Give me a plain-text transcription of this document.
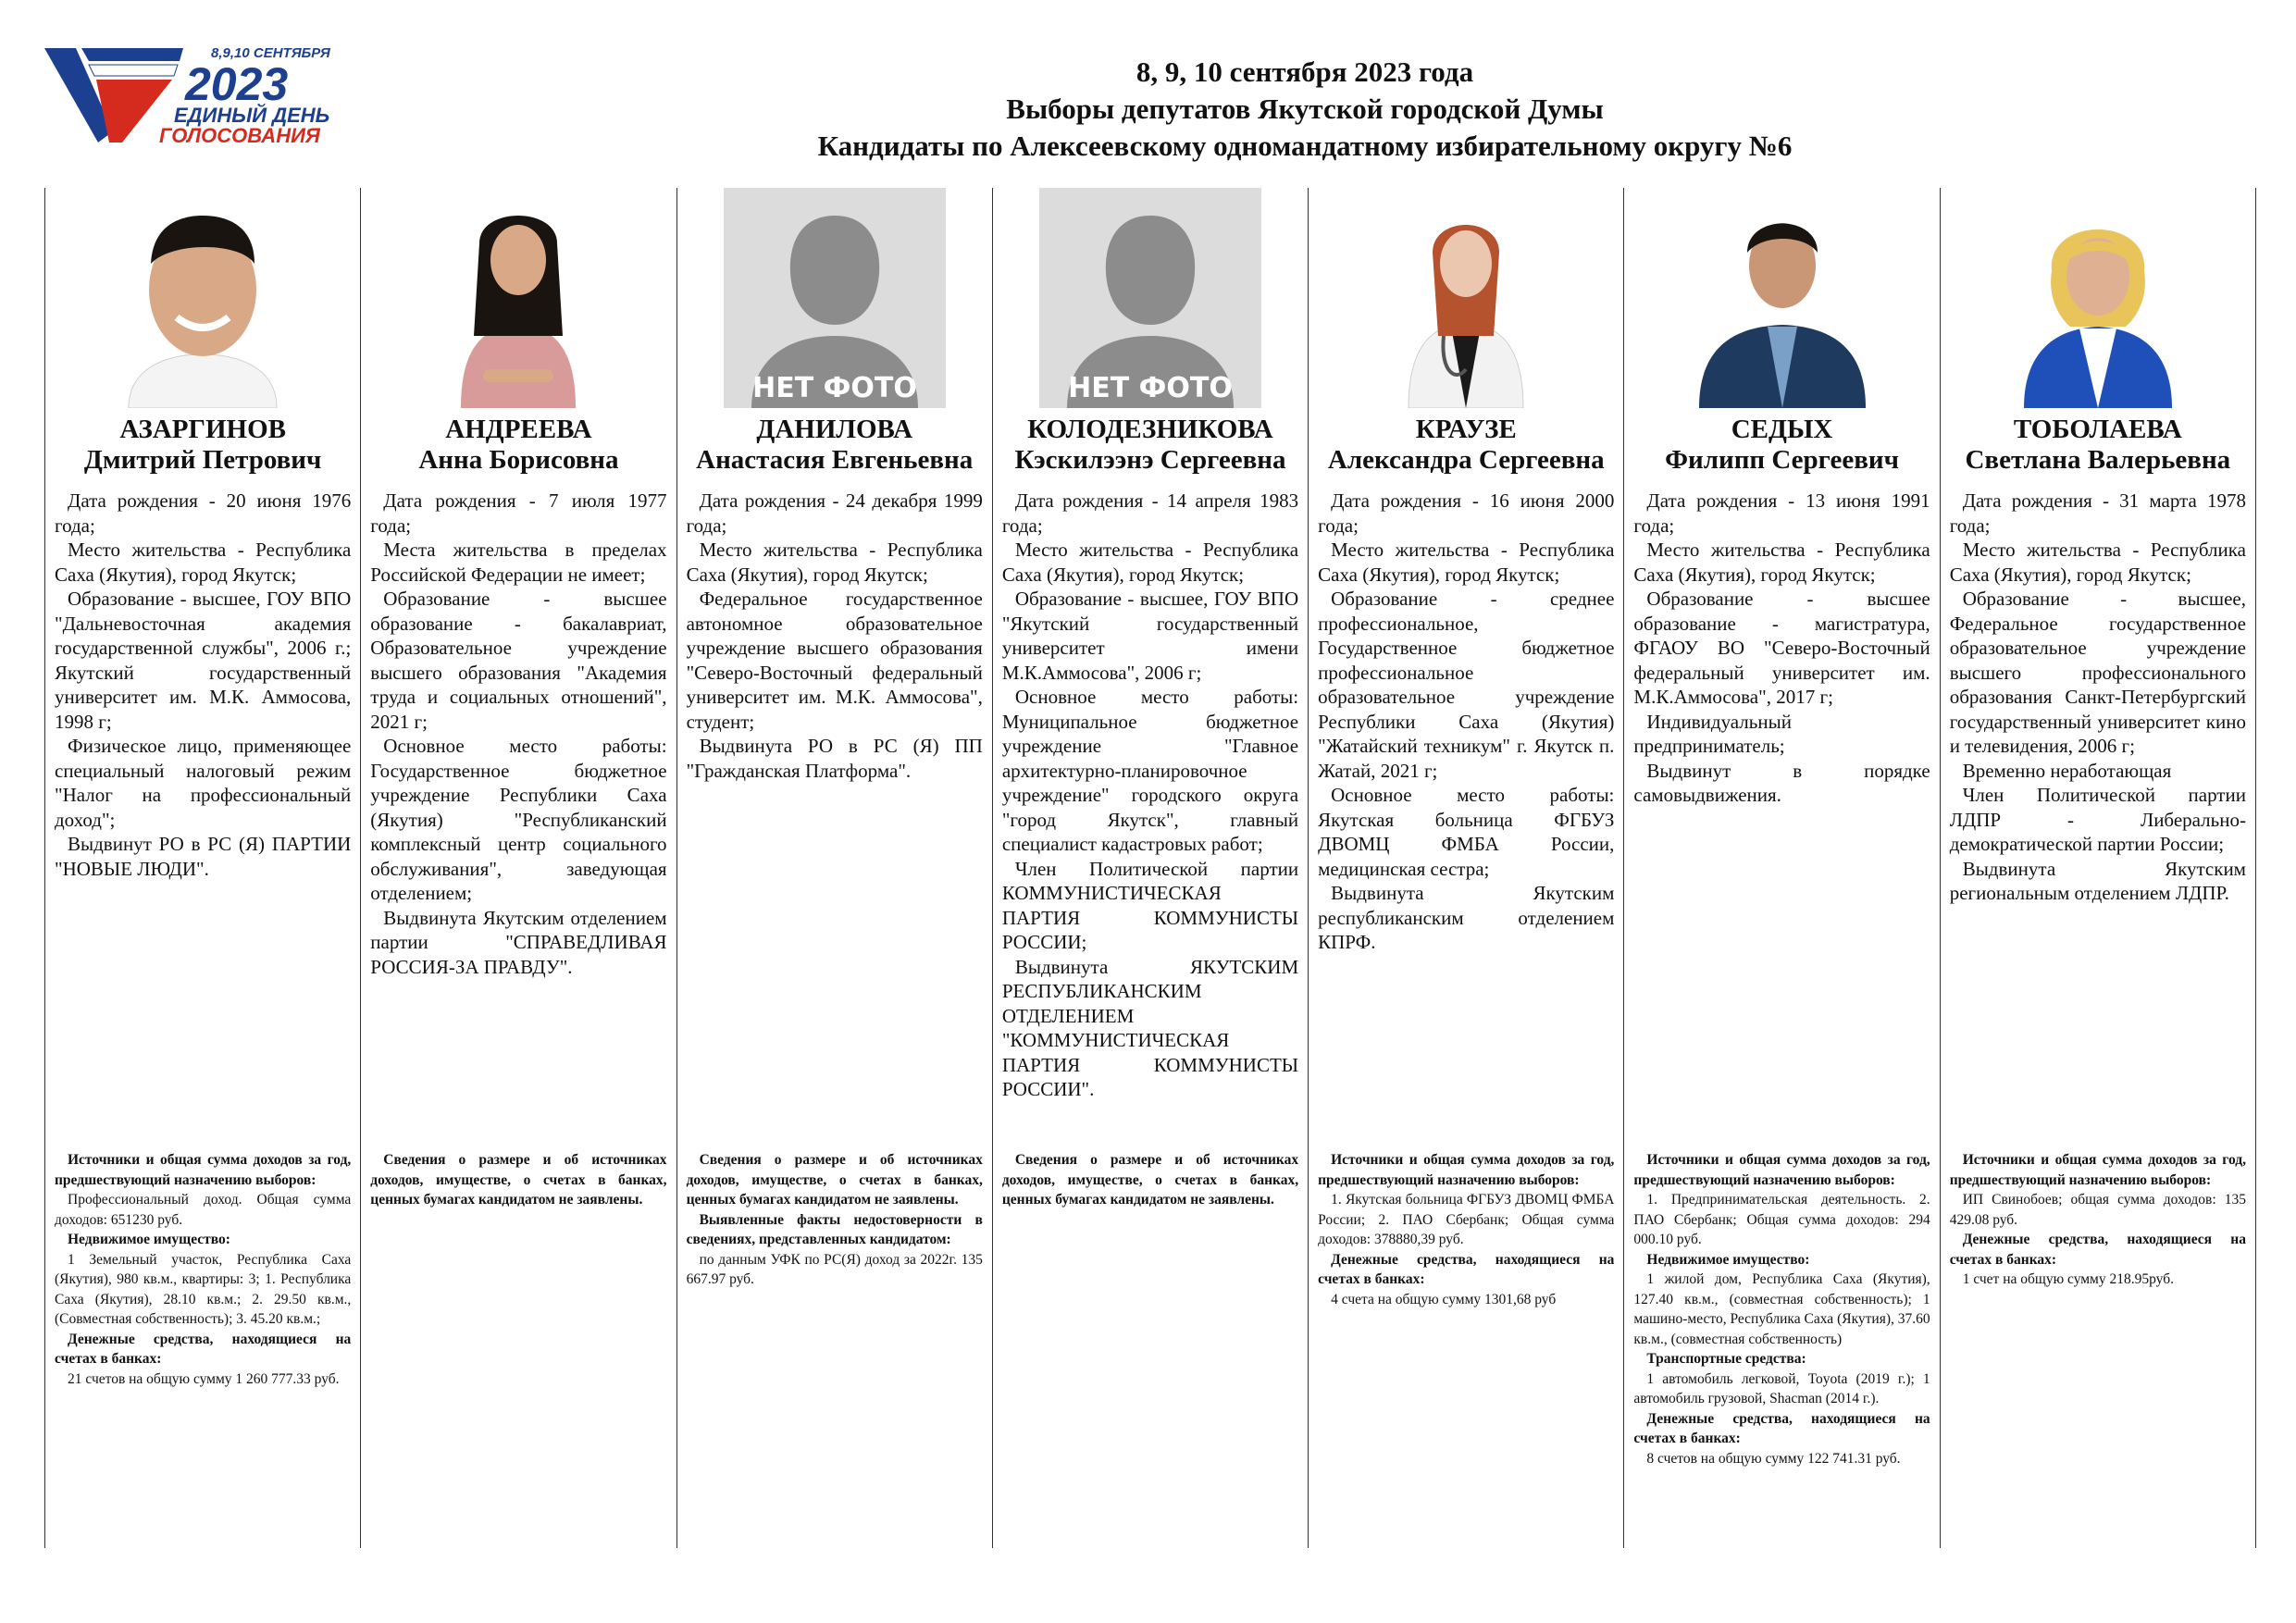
8,9,10 СЕНТЯБРЯ
2023
ЕДИНЫЙ ДЕНЬ
ГОЛОСОВАНИЯ
8, 9, 10 сентября 2023 года
Выборы депутатов Якутской городской Думы
Кандидаты по Алексеевскому одномандатному избирательному округу №6
АЗАРГИНОВ
Дмитрий Петрович

Дата рождения - 20 июня 1976 года;

Место жительства - Республика Саха (Якутия), город Якутск;

Образование - высшее, ГОУ ВПО "Дальневосточная академия государственной службы", 2006 г.; Якутский государственный университет им. М.К. Аммосова, 1998 г;

Физическое лицо, применяющее специальный налоговый режим "Налог на профессиональный доход";

Выдвинут РО в РС (Я) ПАРТИИ "НОВЫЕ ЛЮДИ".

Источники и общая сумма доходов за год, предшествующий назначению выборов:
Профессиональный доход. Общая сумма доходов: 651230 руб.
Недвижимое имущество:
1 Земельный участок, Республика Саха (Якутия), 980 кв.м., квартиры: 3; 1. Республика Саха (Якутия), 28.10 кв.м.; 2. 29.50 кв.м., (Совместная собственность); 3. 45.20 кв.м.;
Денежные средства, находящиеся на счетах в банках:
21 счетов на общую сумму 1 260 777.33 руб.
АНДРЕЕВА
Анна Борисовна

Дата рождения - 7 июля 1977 года;

Места жительства в пределах Российской Федерации не имеет;

Образование - высшее образование - бакалавриат, Образовательное учреждение высшего образования "Академия труда и социальных отношений", 2021 г;

Основное место работы: Государственное бюджетное учреждение Республики Саха (Якутия) "Республиканский комплексный центр социального обслуживания", заведующая отделением;

Выдвинута Якутским отделением партии "СПРАВЕДЛИВАЯ РОССИЯ-ЗА ПРАВДУ".

Сведения о размере и об источниках доходов, имуществе, о счетах в банках, ценных бумагах кандидатом не заявлены.
НЕТ ФОТО
ДАНИЛОВА
Анастасия Евгеньевна

Дата рождения - 24 декабря 1999 года;

Место жительства - Республика Саха (Якутия), город Якутск;

Федеральное государственное автономное образовательное учреждение высшего образования "Северо-Восточный федеральный университет им. М.К. Аммосова", студент;

Выдвинута РО в РС (Я) ПП "Гражданская Платформа".

Сведения о размере и об источниках доходов, имуществе, о счетах в банках, ценных бумагах кандидатом не заявлены.
Выявленные факты недостоверности в сведениях, представленных кандидатом:
по данным УФК по РС(Я) доход за 2022г. 135 667.97 руб.
НЕТ ФОТО
КОЛОДЕЗНИКОВА
Кэскилээнэ Сергеевна

Дата рождения - 14 апреля 1983 года;

Место жительства - Республика Саха (Якутия), город Якутск;

Образование - высшее, ГОУ ВПО "Якутский государственный университет имени М.К.Аммосова", 2006 г;

Основное место работы: Муниципальное бюджетное учреждение "Главное архитектурно-планировочное учреждение" городского округа "город Якутск", главный специалист кадастровых работ;

Член Политической партии КОММУНИСТИЧЕСКАЯ ПАРТИЯ КОММУНИСТЫ РОССИИ;

Выдвинута ЯКУТСКИМ РЕСПУБЛИКАНСКИМ ОТДЕЛЕНИЕМ "КОММУНИСТИЧЕСКАЯ ПАРТИЯ КОММУНИСТЫ РОССИИ".

Сведения о размере и об источниках доходов, имуществе, о счетах в банках, ценных бумагах кандидатом не заявлены.
КРАУЗЕ
Александра Сергеевна

Дата рождения - 16 июня 2000 года;

Место жительства - Республика Саха (Якутия), город Якутск;

Образование - среднее профессиональное, Государственное бюджетное профессиональное образовательное учреждение Республики Саха (Якутия) "Жатайский техникум" г. Якутск п. Жатай, 2021 г;

Основное место работы: Якутская больница ФГБУЗ ДВОМЦ ФМБА России, медицинская сестра;

Выдвинута Якутским республиканским отделением КПРФ.

Источники и общая сумма доходов за год, предшествующий назначению выборов:
1. Якутская больница ФГБУЗ ДВОМЦ ФМБА России; 2. ПАО Сбербанк; Общая сумма доходов: 378880,39 руб.
Денежные средства, находящиеся на счетах в банках:
4 счета на общую сумму 1301,68 руб
СЕДЫХ
Филипп Сергеевич

Дата рождения - 13 июня 1991 года;

Место жительства - Республика Саха (Якутия), город Якутск;

Образование - высшее образование - магистратура, ФГАОУ ВО "Северо-Восточный федеральный университет им. М.К.Аммосова", 2017 г;

Индивидуальный предприниматель;

Выдвинут в порядке самовыдвижения.

Источники и общая сумма доходов за год, предшествующий назначению выборов:
1. Предпринимательская деятельность. 2. ПАО Сбербанк; Общая сумма доходов: 294 000.10 руб.
Недвижимое имущество:
1 жилой дом, Республика Саха (Якутия), 127.40 кв.м., (совместная собственность); 1 машино-место, Республика Саха (Якутия), 37.60 кв.м., (совместная собственность)
Транспортные средства:
1 автомобиль легковой, Toyota (2019 г.); 1 автомобиль грузовой, Shacman (2014 г.).
Денежные средства, находящиеся на счетах в банках:
8 счетов на общую сумму 122 741.31 руб.
ТОБОЛАЕВА
Светлана Валерьевна

Дата рождения - 31 марта 1978 года;

Место жительства - Республика Саха (Якутия), город Якутск;

Образование - высшее, Федеральное государственное образовательное учреждение высшего профессионального образования Санкт-Петербургский государственный университет кино и телевидения, 2006 г;

Временно неработающая

Член Политической партии ЛДПР - Либерально-демократической партии России;

Выдвинута Якутским региональным отделением ЛДПР.

Источники и общая сумма доходов за год, предшествующий назначению выборов:
ИП Свинобоев; общая сумма доходов: 135 429.08 руб.
Денежные средства, находящиеся на счетах в банках:
1 счет на общую сумму 218.95руб.
